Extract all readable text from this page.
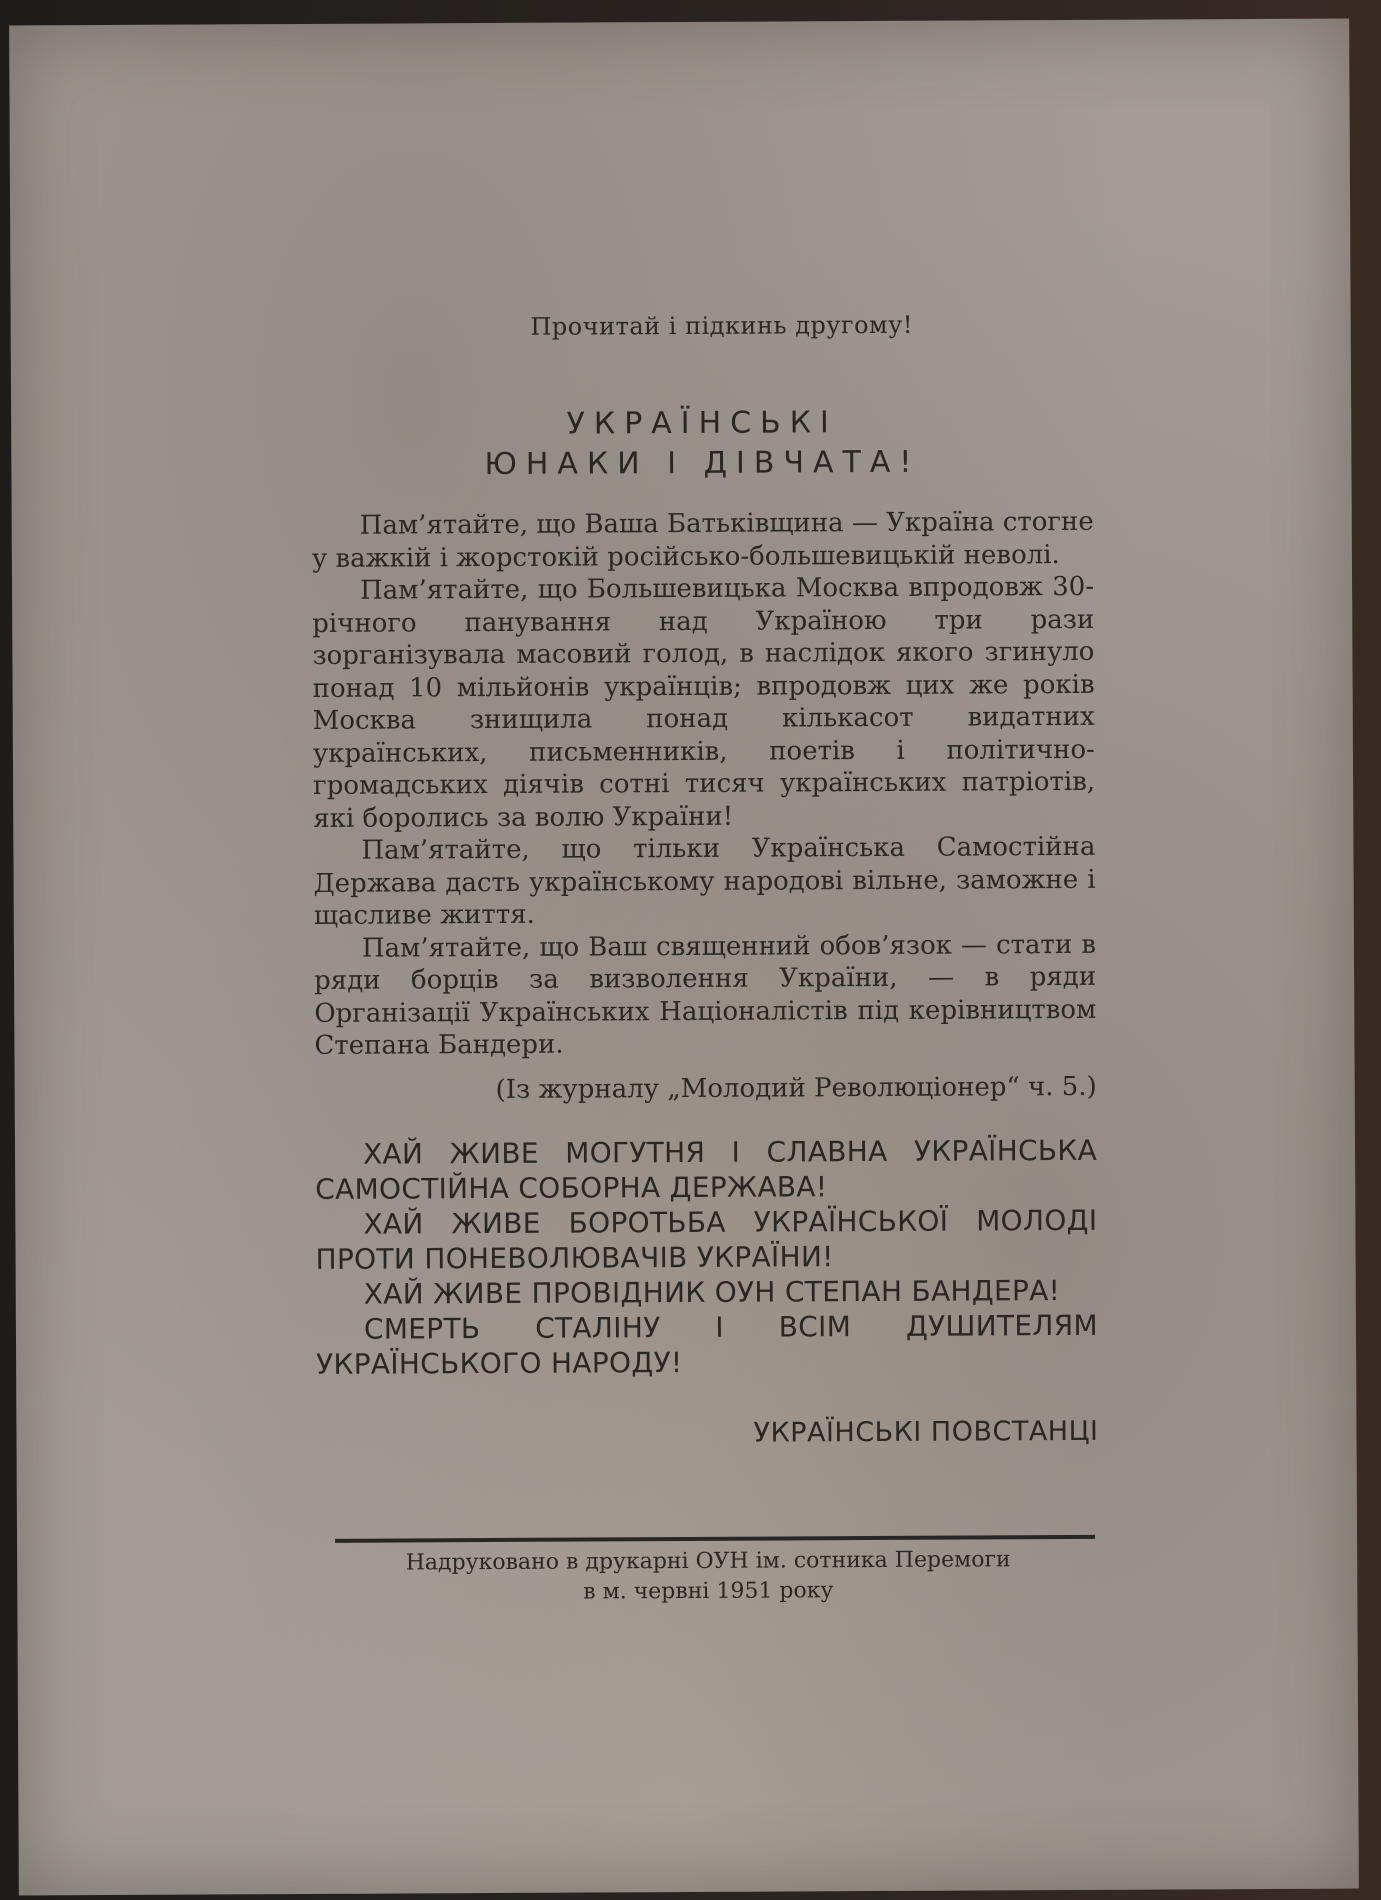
Прочитай і підкинь другому!

УКРАЇНСЬКІ
ЮНАКИ І ДІВЧАТА!

Пам’ятайте, що Ваша Батьківщина — Україна стогне у важкій і жорстокій російсько-большевицькій неволі.

Пам’ятайте, що Большевицька Москва впродовж 30-річного панування над Україною три рази зорганізувала масовий голод, в наслідок якого згинуло понад 10 мільйонів українців; впродовж цих же років Москва знищила понад кількасот видатних українських, письменників, поетів і політично-громадських діячів сотні тисяч українських патріотів, які боролись за волю України!

Пам’ятайте, що тільки Українська Самостійна Держава дасть українському народові вільне, заможне і щасливе життя.

Пам’ятайте, що Ваш священний обов’язок — стати в ряди борців за визволення України, — в ряди Організації Українських Націоналістів під керівництвом Степана Бандери.

(Із журналу „Молодий Революціонер“ ч. 5.)

ХАЙ ЖИВЕ МОГУТНЯ І СЛАВНА УКРАЇНСЬКА САМОСТІЙНА СОБОРНА ДЕРЖАВА!

ХАЙ ЖИВЕ БОРОТЬБА УКРАЇНСЬКОЇ МОЛОДІ ПРОТИ ПОНЕВОЛЮВАЧІВ УКРАЇНИ!

ХАЙ ЖИВЕ ПРОВІДНИК ОУН СТЕПАН БАНДЕРА!

СМЕРТЬ СТАЛІНУ І ВСІМ ДУШИТЕЛЯМ УКРАЇНСЬКОГО НАРОДУ!

УКРАЇНСЬКІ ПОВСТАНЦІ

Надруковано в друкарні ОУН ім. сотника Перемоги
в м. червні 1951 року
